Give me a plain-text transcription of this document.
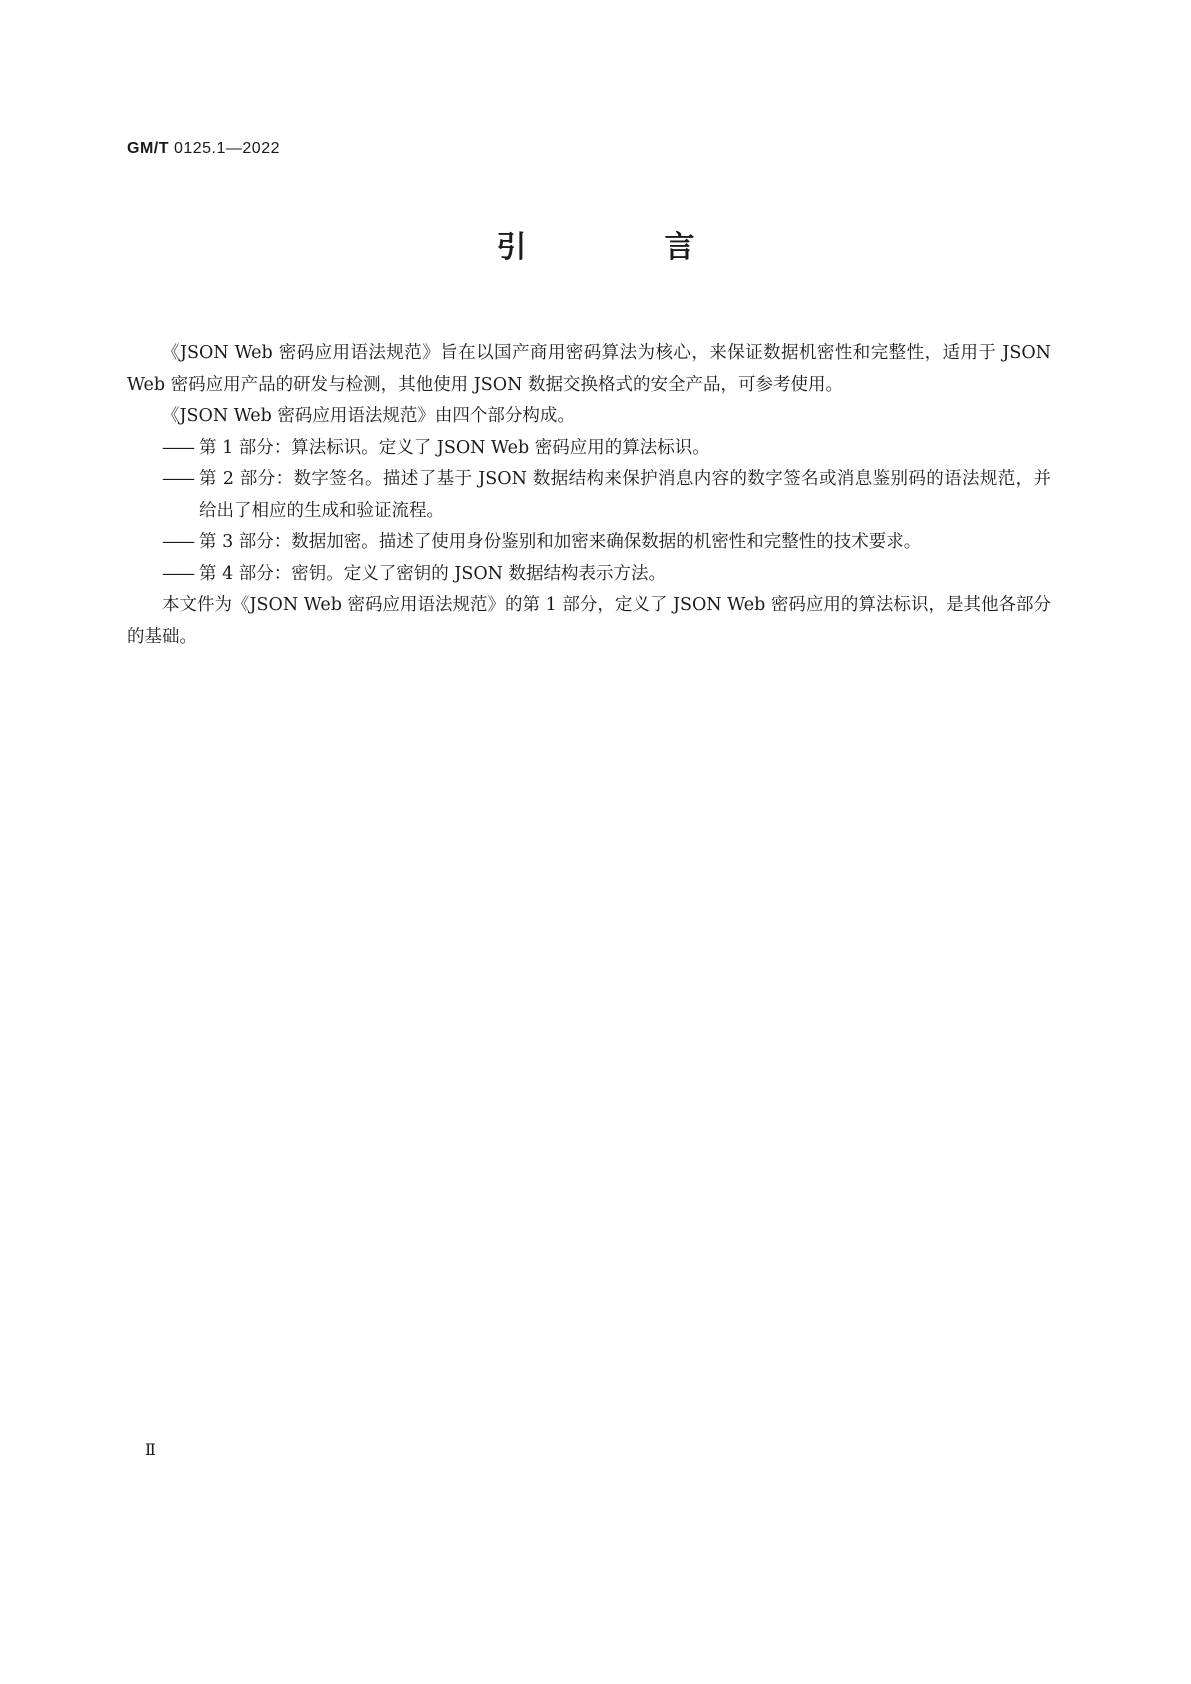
GM/T 0125.1—2022
引　言

《JSON Web 密码应用语法规范》旨在以国产商用密码算法为核心，来保证数据机密性和完整性，适用于 JSON Web 密码应用产品的研发与检测，其他使用 JSON 数据交换格式的安全产品，可参考使用。

《JSON Web 密码应用语法规范》由四个部分构成。

—— 第 1 部分：算法标识。定义了 JSON Web 密码应用的算法标识。
—— 第 2 部分：数字签名。描述了基于 JSON 数据结构来保护消息内容的数字签名或消息鉴别码的语法规范，并给出了相应的生成和验证流程。
—— 第 3 部分：数据加密。描述了使用身份鉴别和加密来确保数据的机密性和完整性的技术要求。
—— 第 4 部分：密钥。定义了密钥的 JSON 数据结构表示方法。

本文件为《JSON Web 密码应用语法规范》的第 1 部分，定义了 JSON Web 密码应用的算法标识，是其他各部分的基础。

Ⅱ
